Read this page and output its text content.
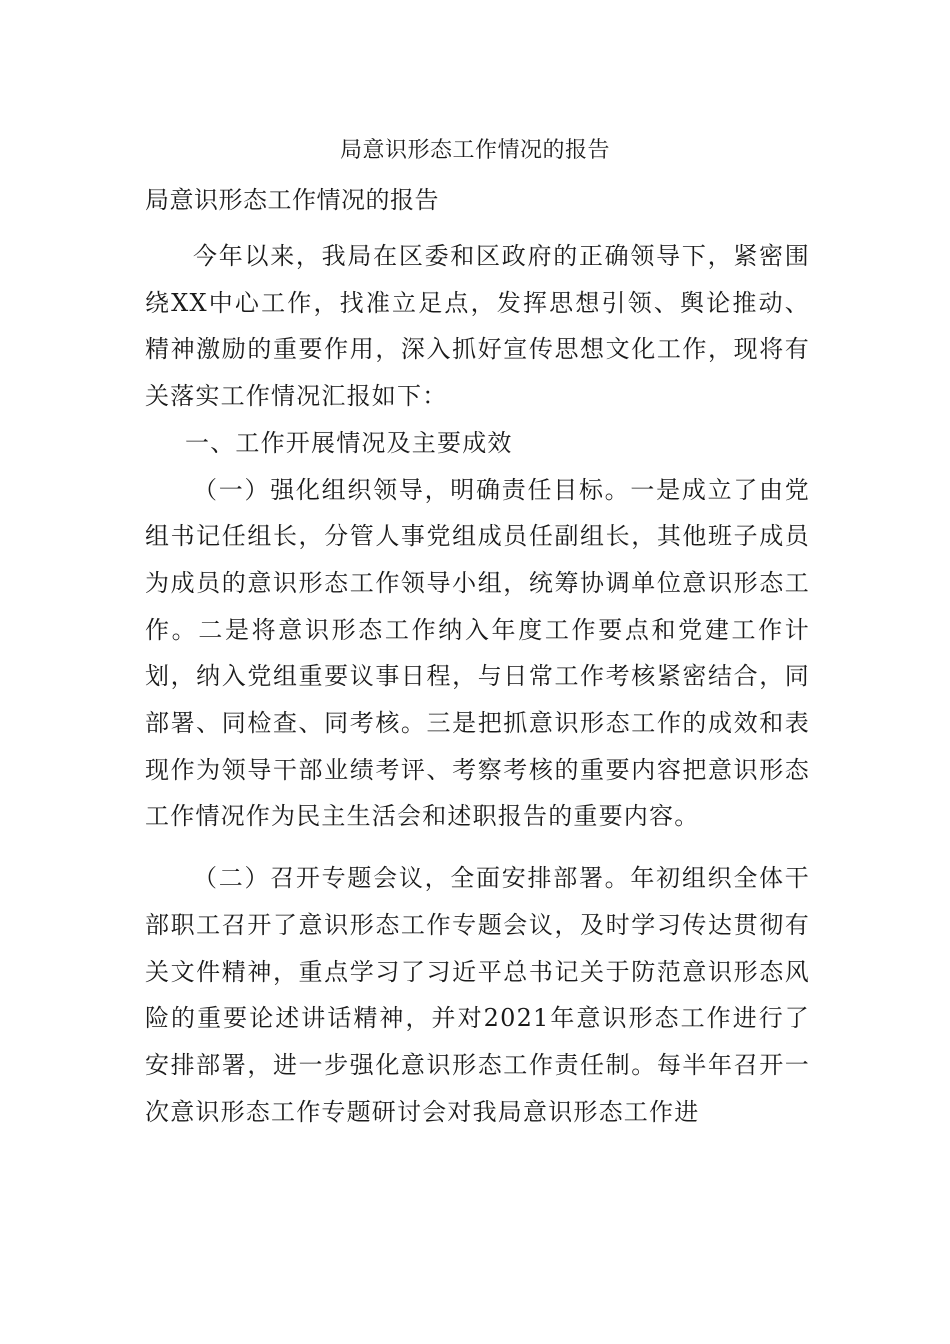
局意识形态工作情况的报告
局意识形态工作情况的报告

今年以来，我局在区委和区政府的正确领导下，紧密围绕XX中心工作，找准立足点，发挥思想引领、舆论推动、精神激励的重要作用，深入抓好宣传思想文化工作，现将有关落实工作情况汇报如下：

一、工作开展情况及主要成效

（一）强化组织领导，明确责任目标。一是成立了由党组书记任组长，分管人事党组成员任副组长，其他班子成员为成员的意识形态工作领导小组，统筹协调单位意识形态工作。二是将意识形态工作纳入年度工作要点和党建工作计划，纳入党组重要议事日程，与日常工作考核紧密结合，同部署、同检查、同考核。三是把抓意识形态工作的成效和表现作为领导干部业绩考评、考察考核的重要内容把意识形态工作情况作为民主生活会和述职报告的重要内容。

（二）召开专题会议，全面安排部署。年初组织全体干部职工召开了意识形态工作专题会议，及时学习传达贯彻有关文件精神，重点学习了习近平总书记关于防范意识形态风险的重要论述讲话精神，并对2021年意识形态工作进行了安排部署，进一步强化意识形态工作责任制。每半年召开一次意识形态工作专题研讨会对我局意识形态工作进
